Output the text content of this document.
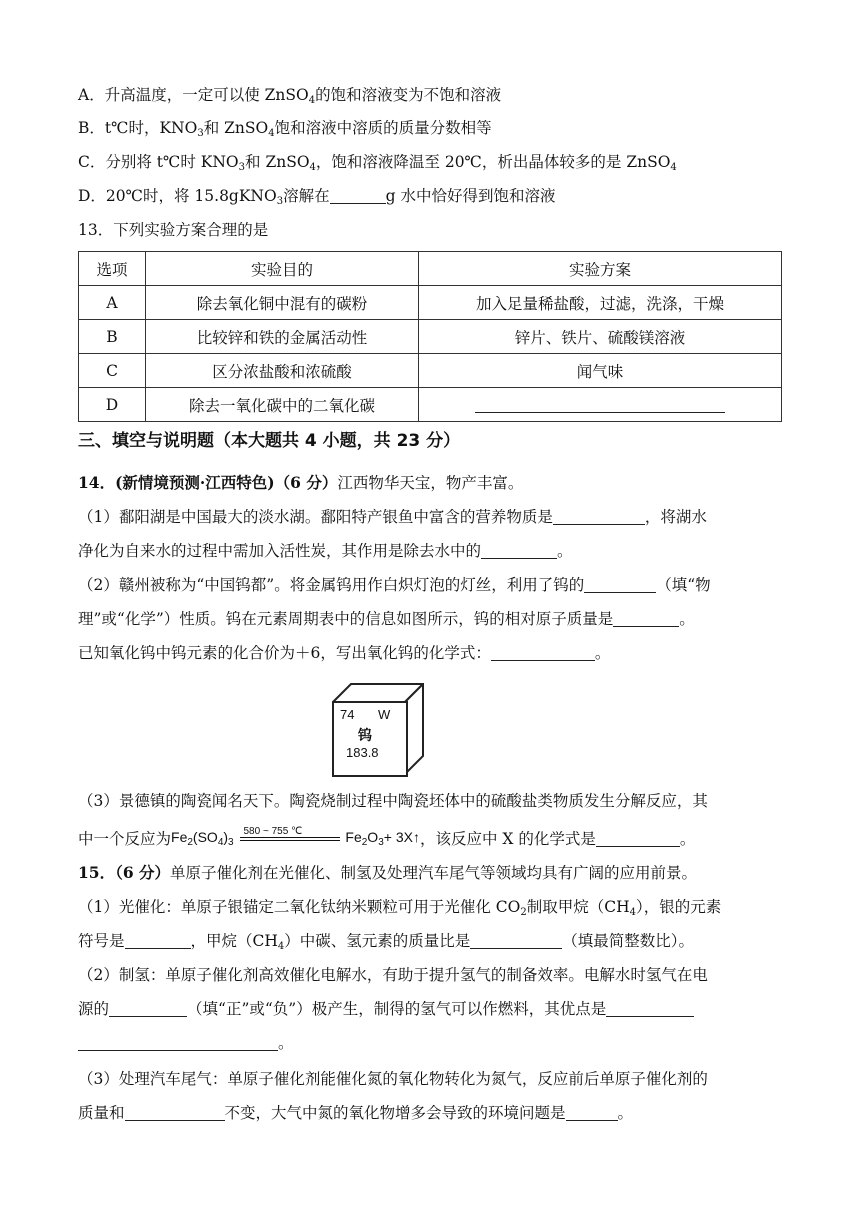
A．升高温度，一定可以使 ZnSO$_4$的饱和溶液变为不饱和溶液
B．t℃时，$KNO_3$和 ZnSO$_4$饱和溶液中溶质的质量分数相等
C．分别将 t℃时 $KNO_3$和 ZnSO$_4$，饱和溶液降温至 20℃，析出晶体较多的是 ZnSO$_4$
D．20℃时，将 15.8gKNO$_3$溶解在	g 水中恰好得到饱和溶液
13．下列实验方案合理的是
选项	实验目的	实验方案
A	除去氧化铜中混有的碳粉	加入足量稀盐酸，过滤，洗涤，干燥
B	比较锌和铁的金属活动性	锌片、铁片、硫酸镁溶液
C	区分浓盐酸和浓硫酸	闻气味
D	除去一氧化碳中的二氧化碳	
三、填空与说明题（本大题共 4 小题，共 23 分）
14．(新情境预测·江西特色)（6 分）江西物华天宝，物产丰富。
（1）鄱阳湖是中国最大的淡水湖。鄱阳特产银鱼中富含的营养物质是	，将湖水
净化为自来水的过程中需加入活性炭，其作用是除去水中的	。
（2）赣州被称为“中国钨都”。将金属钨用作白炽灯泡的灯丝，利用了钨的	（填“物
理”或“化学”）性质。钨在元素周期表中的信息如图所示，钨的相对原子质量是	。
已知氧化钨中钨元素的化合价为＋6，写出氧化钨的化学式：	。
74 W
钨
183.8
（3）景德镇的陶瓷闻名天下。陶瓷烧制过程中陶瓷坯体中的硫酸盐类物质发生分解反应，其
中一个反应为$Fe_2(SO_4)_3$
580 ~ 755 ℃	$Fe_2O_3+$ 3X↑，该反应中 X 的化学式是	。
15．（6 分）单原子催化剂在光催化、制氢及处理汽车尾气等领域均具有广阔的应用前景。
（1）光催化：单原子银锚定二氧化钛纳米颗粒可用于光催化 $CO_2$制取甲烷$(CH_4)$，银的元素
符号是	，甲烷$(CH_4)$中碳、氢元素的质量比是	（填最简整数比）。
（2）制氢：单原子催化剂高效催化电解水，有助于提升氢气的制备效率。电解水时氢气在电
源的	（填“正”或“负”）极产生，制得的氢气可以作燃料，其优点是
。
（3）处理汽车尾气：单原子催化剂能催化氮的氧化物转化为氮气，反应前后单原子催化剂的
质量和	不变，大气中氮的氧化物增多会导致的环境问题是	。
